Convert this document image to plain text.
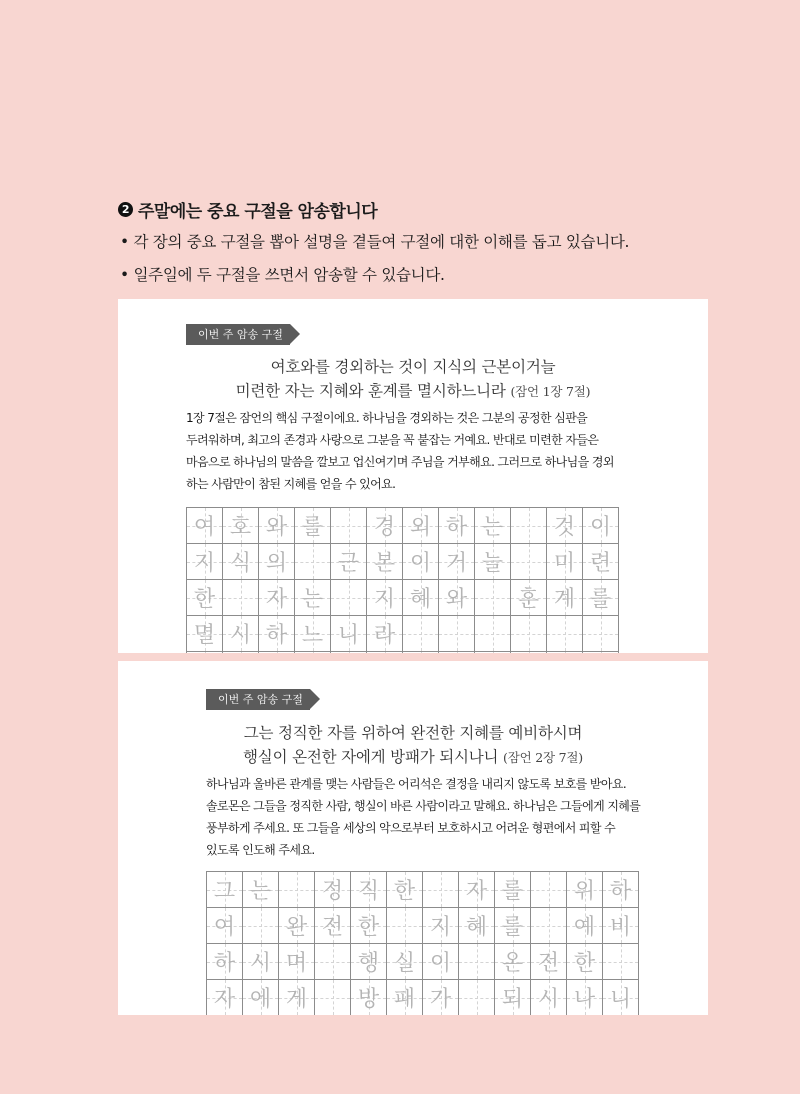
2 주말에는 중요 구절을 암송합니다
• 각 장의 중요 구절을 뽑아 설명을 곁들여 구절에 대한 이해를 돕고 있습니다.
• 일주일에 두 구절을 쓰면서 암송할 수 있습니다.
이번 주 암송 구절 1
여호와를 경외하는 것이 지식의 근본이거늘
미련한 자는 지혜와 훈계를 멸시하느니라 (잠언 1장 7절)
1장 7절은 잠언의 핵심 구절이에요. 하나님을 경외하는 것은 그분의 공정한 심판을
두려워하며, 최고의 존경과 사랑으로 그분을 꼭 붙잡는 거예요. 반대로 미련한 자들은
마음으로 하나님의 말씀을 깔보고 업신여기며 주님을 거부해요. 그러므로 하나님을 경외
하는 사람만이 참된 지혜를 얻을 수 있어요.
여 호 와 를 경 외 하 는 것 이
지 식 의 근 본 이 거 늘 미 련
한 자 는 지 혜 와 훈 계 를
멸 시 하 느 니 라
이번 주 암송 구절 2
그는 정직한 자를 위하여 완전한 지혜를 예비하시며
행실이 온전한 자에게 방패가 되시나니 (잠언 2장 7절)
하나님과 올바른 관계를 맺는 사람들은 어리석은 결정을 내리지 않도록 보호를 받아요.
솔로몬은 그들을 정직한 사람, 행실이 바른 사람이라고 말해요. 하나님은 그들에게 지혜를
풍부하게 주세요. 또 그들을 세상의 악으로부터 보호하시고 어려운 형편에서 피할 수
있도록 인도해 주세요.
그 는 정 직 한 자 를 위 하
여 완 전 한 지 혜 를 예 비
하 시 며 행 실 이 온 전 한
자 에 게 방 패 가 되 시 나 니
